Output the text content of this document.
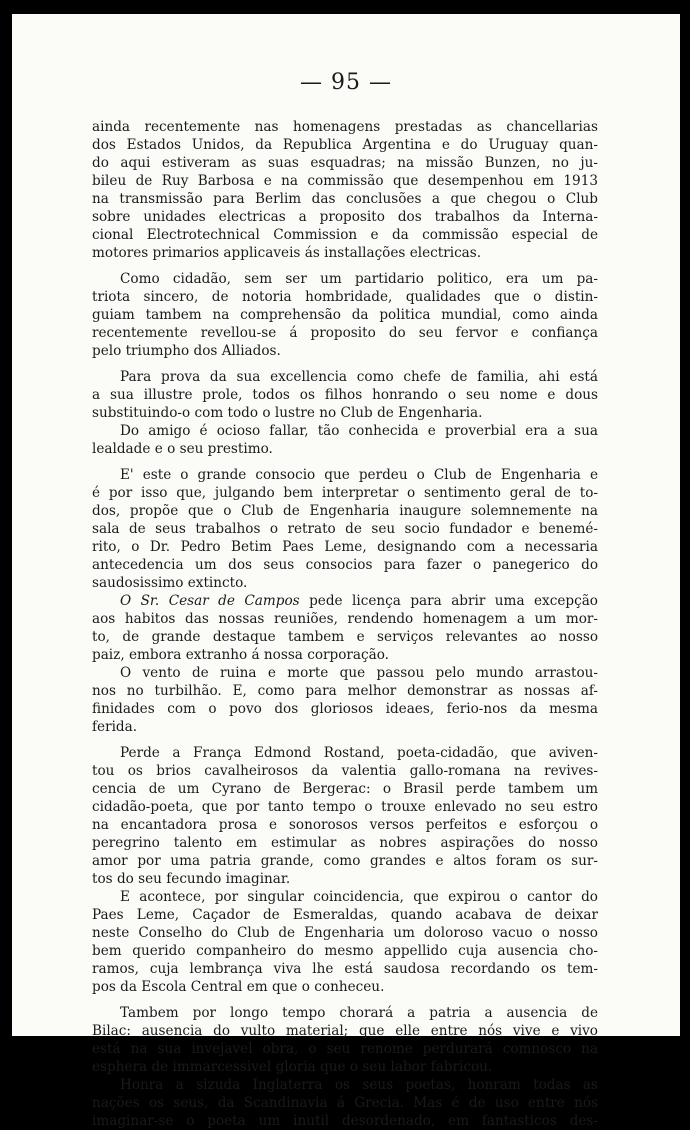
— 95 —

ainda recentemente nas homenagens prestadas as chancellarias
dos Estados Unidos, da Republica Argentina e do Uruguay quan-
do aqui estiveram as suas esquadras; na missão Bunzen, no ju-
bileu de Ruy Barbosa e na commissão que desempenhou em 1913
na transmissão para Berlim das conclusões a que chegou o Club
sobre unidades electricas a proposito dos trabalhos da Interna-
cional Electrotechnical Commission e da commissão especial de
motores primarios applicaveis ás installações electricas.

Como cidadão, sem ser um partidario politico, era um pa-
triota sincero, de notoria hombridade, qualidades que o distin-
guiam tambem na comprehensão da politica mundial, como ainda
recentemente revellou-se á proposito do seu fervor e confiança
pelo triumpho dos Alliados.

Para prova da sua excellencia como chefe de familia, ahi está
a sua illustre prole, todos os filhos honrando o seu nome e dous
substituindo-o com todo o lustre no Club de Engenharia.

Do amigo é ocioso fallar, tão conhecida e proverbial era a sua
lealdade e o seu prestimo.

E' este o grande consocio que perdeu o Club de Engenharia e
é por isso que, julgando bem interpretar o sentimento geral de to-
dos, propõe que o Club de Engenharia inaugure solemnemente na
sala de seus trabalhos o retrato de seu socio fundador e benemé-
rito, o Dr. Pedro Betim Paes Leme, designando com a necessaria
antecedencia um dos seus consocios para fazer o panegerico do
saudosissimo extincto.

O Sr. Cesar de Campos pede licença para abrir uma excepção
aos habitos das nossas reuniões, rendendo homenagem a um mor-
to, de grande destaque tambem e serviços relevantes ao nosso
paiz, embora extranho á nossa corporação.

O vento de ruina e morte que passou pelo mundo arrastou-
nos no turbilhão. E, como para melhor demonstrar as nossas af-
finidades com o povo dos gloriosos ideaes, ferio-nos da mesma
ferida.

Perde a França Edmond Rostand, poeta-cidadão, que aviven-
tou os brios cavalheirosos da valentia gallo-romana na revives-
cencia de um Cyrano de Bergerac: o Brasil perde tambem um
cidadão-poeta, que por tanto tempo o trouxe enlevado no seu estro
na encantadora prosa e sonorosos versos perfeitos e esforçou o
peregrino talento em estimular as nobres aspirações do nosso
amor por uma patria grande, como grandes e altos foram os sur-
tos do seu fecundo imaginar.

E acontece, por singular coincidencia, que expirou o cantor do
Paes Leme, Caçador de Esmeraldas, quando acabava de deixar
neste Conselho do Club de Engenharia um doloroso vacuo o nosso
bem querido companheiro do mesmo appellido cuja ausencia cho-
ramos, cuja lembrança viva lhe está saudosa recordando os tem-
pos da Escola Central em que o conheceu.

Tambem por longo tempo chorará a patria a ausencia de
Bilac: ausencia do vulto material; que elle entre nós vive e vivo
está na sua invejavel obra, o seu renome perdurará comnosco na
esphera de immarcessivel gloria que o seu labor fabricou.

Honra a sizuda Inglaterra os seus poetas, honram todas as
nações os seus, da Scandinavia á Grecia. Mas é de uso entre nós
imaginar-se o poeta um inutil desordenado, em fantasticos des-
